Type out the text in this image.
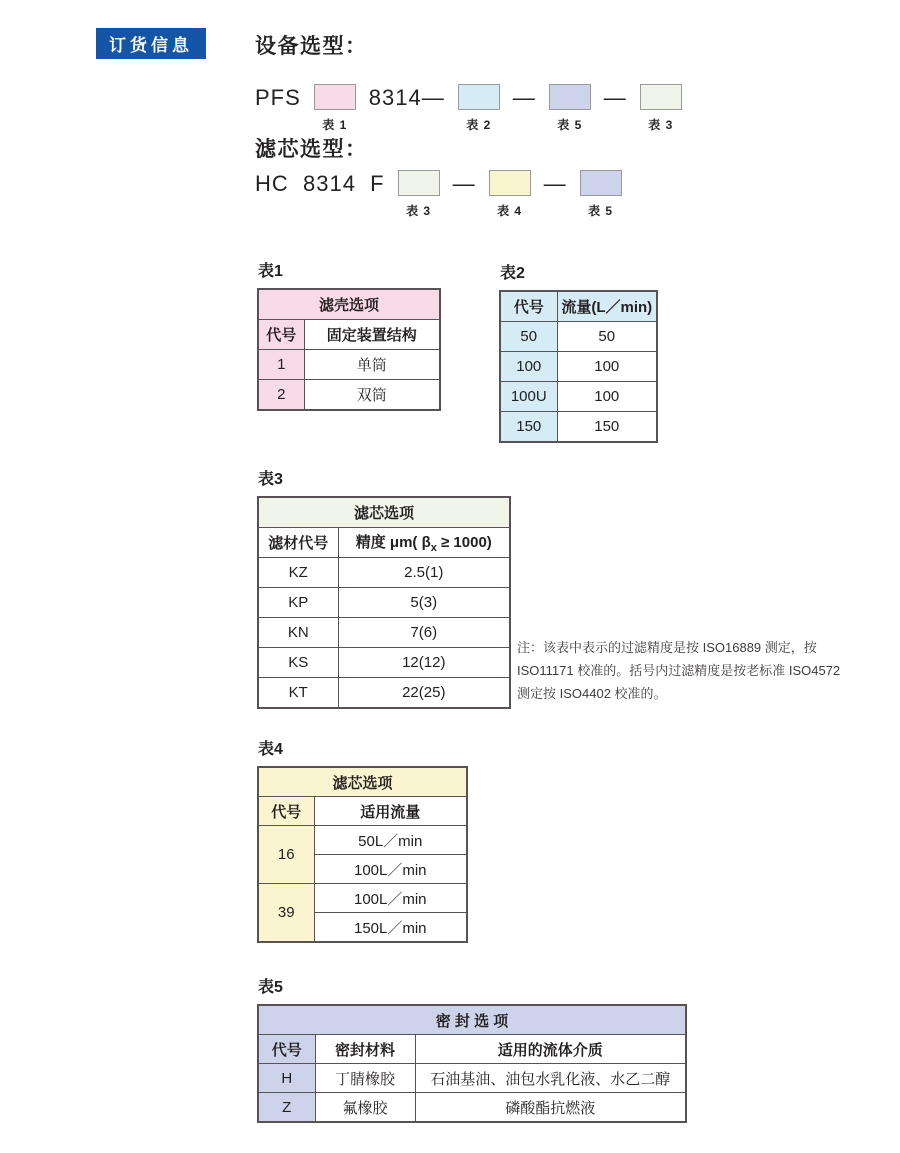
订货信息	设备选型：
PFS
表 1
8314—
表 2
—
表 5
—
表 3
滤芯选型：
HC  8314  F
表 3
—
表 4
—
表 5
表1
滤壳选项	
代号	固定装置结构
1	单筒
2	双筒
表2
代号	流量(L／min)
50	50
100	100
100U	100
150	150
表3
滤芯选项	
滤材代号	精度 μm( $\beta_x \ge 1000$)
KZ	2.5(1)
KP	5(3)
KN	7(6)
KS	12(12)
KT	22(25)
注：该表中表示的过滤精度是按 ISO16889 测定，按 ISO11171 校准的。括号内过滤精度是按老标准 ISO4572 测定按 ISO4402 校准的。
表4
滤芯选项	
代号	适用流量
16	50L／min
	100L／min
39	100L／min
	150L／min
表5
密 封 选 项		
代号	密封材料	适用的流体介质
H	丁腈橡胶	石油基油、油包水乳化液、水乙二醇
Z	氟橡胶	磷酸酯抗燃液
